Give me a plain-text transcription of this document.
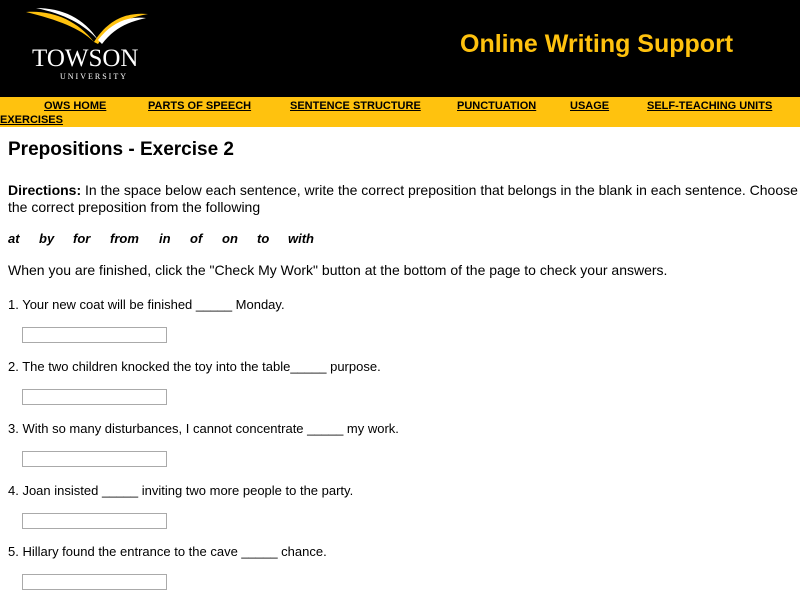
TOWSON
UNIVERSITY
Online Writing Support
OWS HOME	PARTS OF SPEECH	SENTENCE STRUCTURE	PUNCTUATION	USAGE	SELF-TEACHING UNITS
EXERCISES
Prepositions - Exercise 2

Directions: In the space below each sentence, write the correct preposition that belongs in the blank in each sentence. Choose the correct preposition from the following

at by for from in of on to with

When you are finished, click the "Check My Work" button at the bottom of the page to check your answers.

1. Your new coat will be finished _____ Monday.

2. The two children knocked the toy into the table_____ purpose.

3. With so many disturbances, I cannot concentrate _____ my work.

4. Joan insisted _____ inviting two more people to the party.

5. Hillary found the entrance to the cave _____ chance.
